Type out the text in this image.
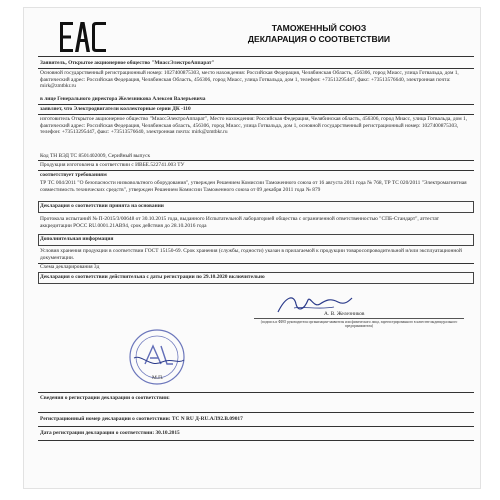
ТАМОЖЕННЫЙ СОЮЗ
ДЕКЛАРАЦИЯ О СООТВЕТСТВИИ
Заявитель, Открытое акционерное общество "МиассЭлектроАппарат"
Основной государственный регистрационный номер: 1027400875303, место нахождения: Российская Федерация, Челябинская Область, 456306, город Миасс, улица Готвальда, дом 1, фактический адрес: Российская Федерация, Челябинская Область, 456306, город Миасс, улица Готвальда, дом 1, телефон: +73513295447, факс: +73513576640, электронная почта: mirk@zmtbkr.ru
в лице Генерального директора Железникова Алексея Валерьевича
заявляет, что Электродвигатели коллекторные серии ДК -110
изготовитель Открытое акционерное общество "МиассЭлектроАппарат", Место нахождения: Российская Федерация, Челябинская область, 456306, город Миасс, улица Готвальда, дом 1, фактический адрес: Российская Федерация, Челябинская область, 456306, город Миасс, улица Готвальда, дом 1, основной государственный регистрационный номер: 1027400875303, телефон: +73513295447, факс: +73513576640, электронная почта: mirk@zmtbkr.ru
Код ТН ВЭД ТС 8501402009, Серийный выпуск
Продукция изготовлена в соответствии с ИВБЕ.522741.003 ТУ
соответствует требованиям
ТР ТС 004/2011 "О безопасности низковольтного оборудования", утвержден Решением Комиссии Таможенного союза от 16 августа 2011 года № 768, ТР ТС 020/2011 "Электромагнитная совместимость технических средств", утвержден Решением Комиссии Таможенного союза от 09 декабря 2011 года № 879
Декларация о соответствии принята на основании
Протокола испытаний № П-2015/3/00648 от 30.10.2015 года, выданного Испытательной лабораторией общества с ограниченной ответственностью "СПБ-Стандарт", аттестат аккредитации РОСС RU.0001.21АВ94, срок действия до 28.10.2016 года
Дополнительная информация
Условия хранения продукции в соответствии ГОСТ 15150-69. Срок хранения (службы, годности) указан в прилагаемой к продукции товаросопроводительной и/или эксплуатационной документации.
Схема декларирования 3д
Декларация о соответствии действительна с даты регистрации по 29.10.2020 включительно
А. В. Железников
(подпись и ФИО руководителя организации-заявителя или физического лица, зарегистрированного в качестве индивидуального предпринимателя)
М.П.
Сведения о регистрации декларации о соответствии:
Регистрационный номер декларации о соответствии: ТС N RU Д-RU.АЛ92.В.09017
Дата регистрации декларации о соответствии: 30.10.2015
